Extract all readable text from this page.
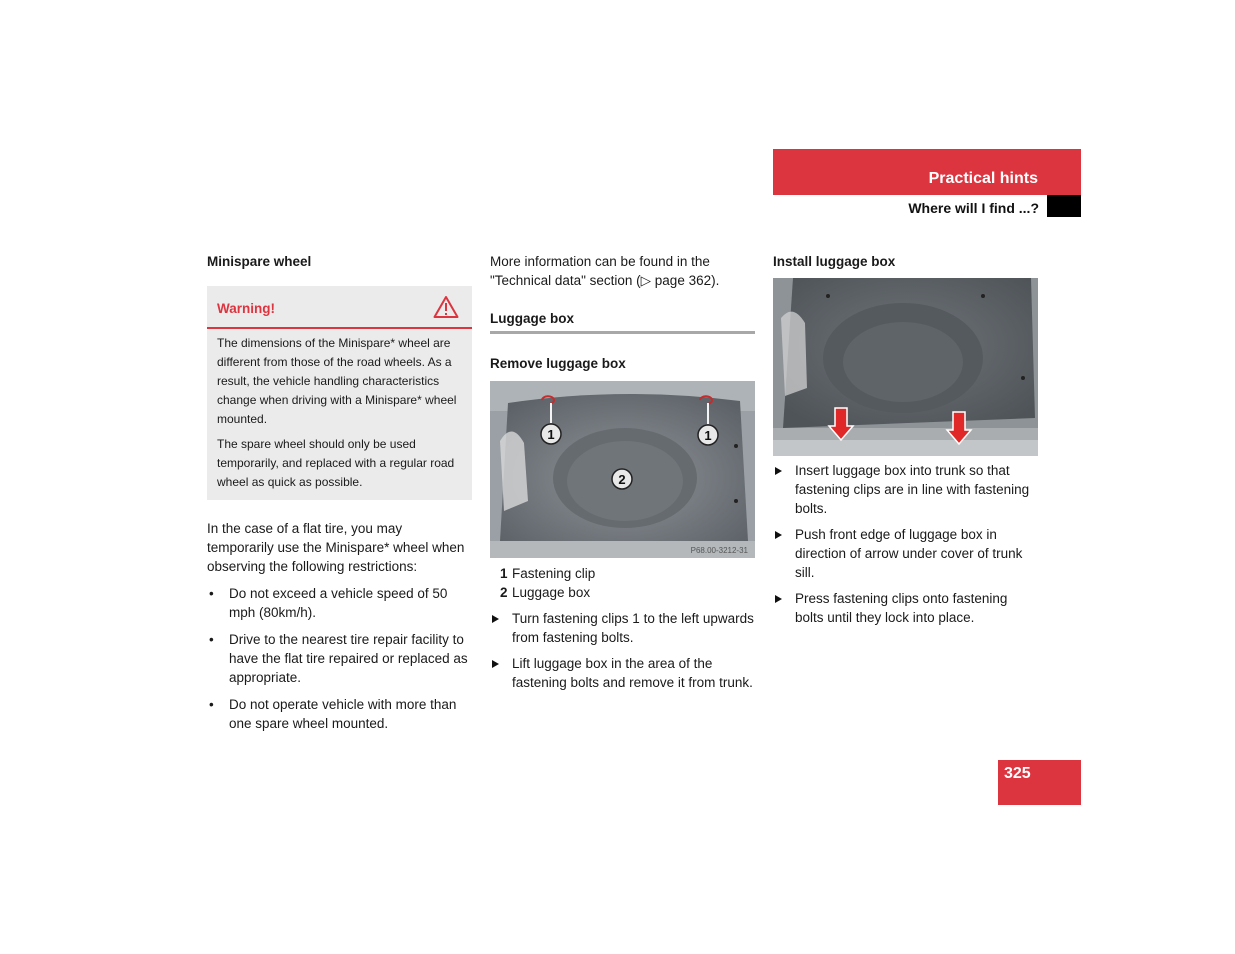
Practical hints
Where will I find ...?

Minispare wheel

Warning!

The dimensions of the Minispare* wheel are different from those of the road wheels. As a result, the vehicle handling characteristics change when driving with a Minispare* wheel mounted.

The spare wheel should only be used temporarily, and replaced with a regular road wheel as quick as possible.

In the case of a flat tire, you may temporarily use the Minispare* wheel when observing the following restrictions:

• Do not exceed a vehicle speed of 50 mph (80km/h).
• Drive to the nearest tire repair facility to have the flat tire repaired or replaced as appropriate.
• Do not operate vehicle with more than one spare wheel mounted.

More information can be found in the "Technical data" section (▷ page 362).

Luggage box

Remove luggage box

1	1
2
P68.00-3212-31
1 Fastening clip
2 Luggage box
Turn fastening clips 1 to the left upwards from fastening bolts.
Lift luggage box in the area of the fastening bolts and remove it from trunk.

Install luggage box

Insert luggage box into trunk so that fastening clips are in line with fastening bolts.
Push front edge of luggage box in direction of arrow under cover of trunk sill.
Press fastening clips onto fastening bolts until they lock into place.
325
